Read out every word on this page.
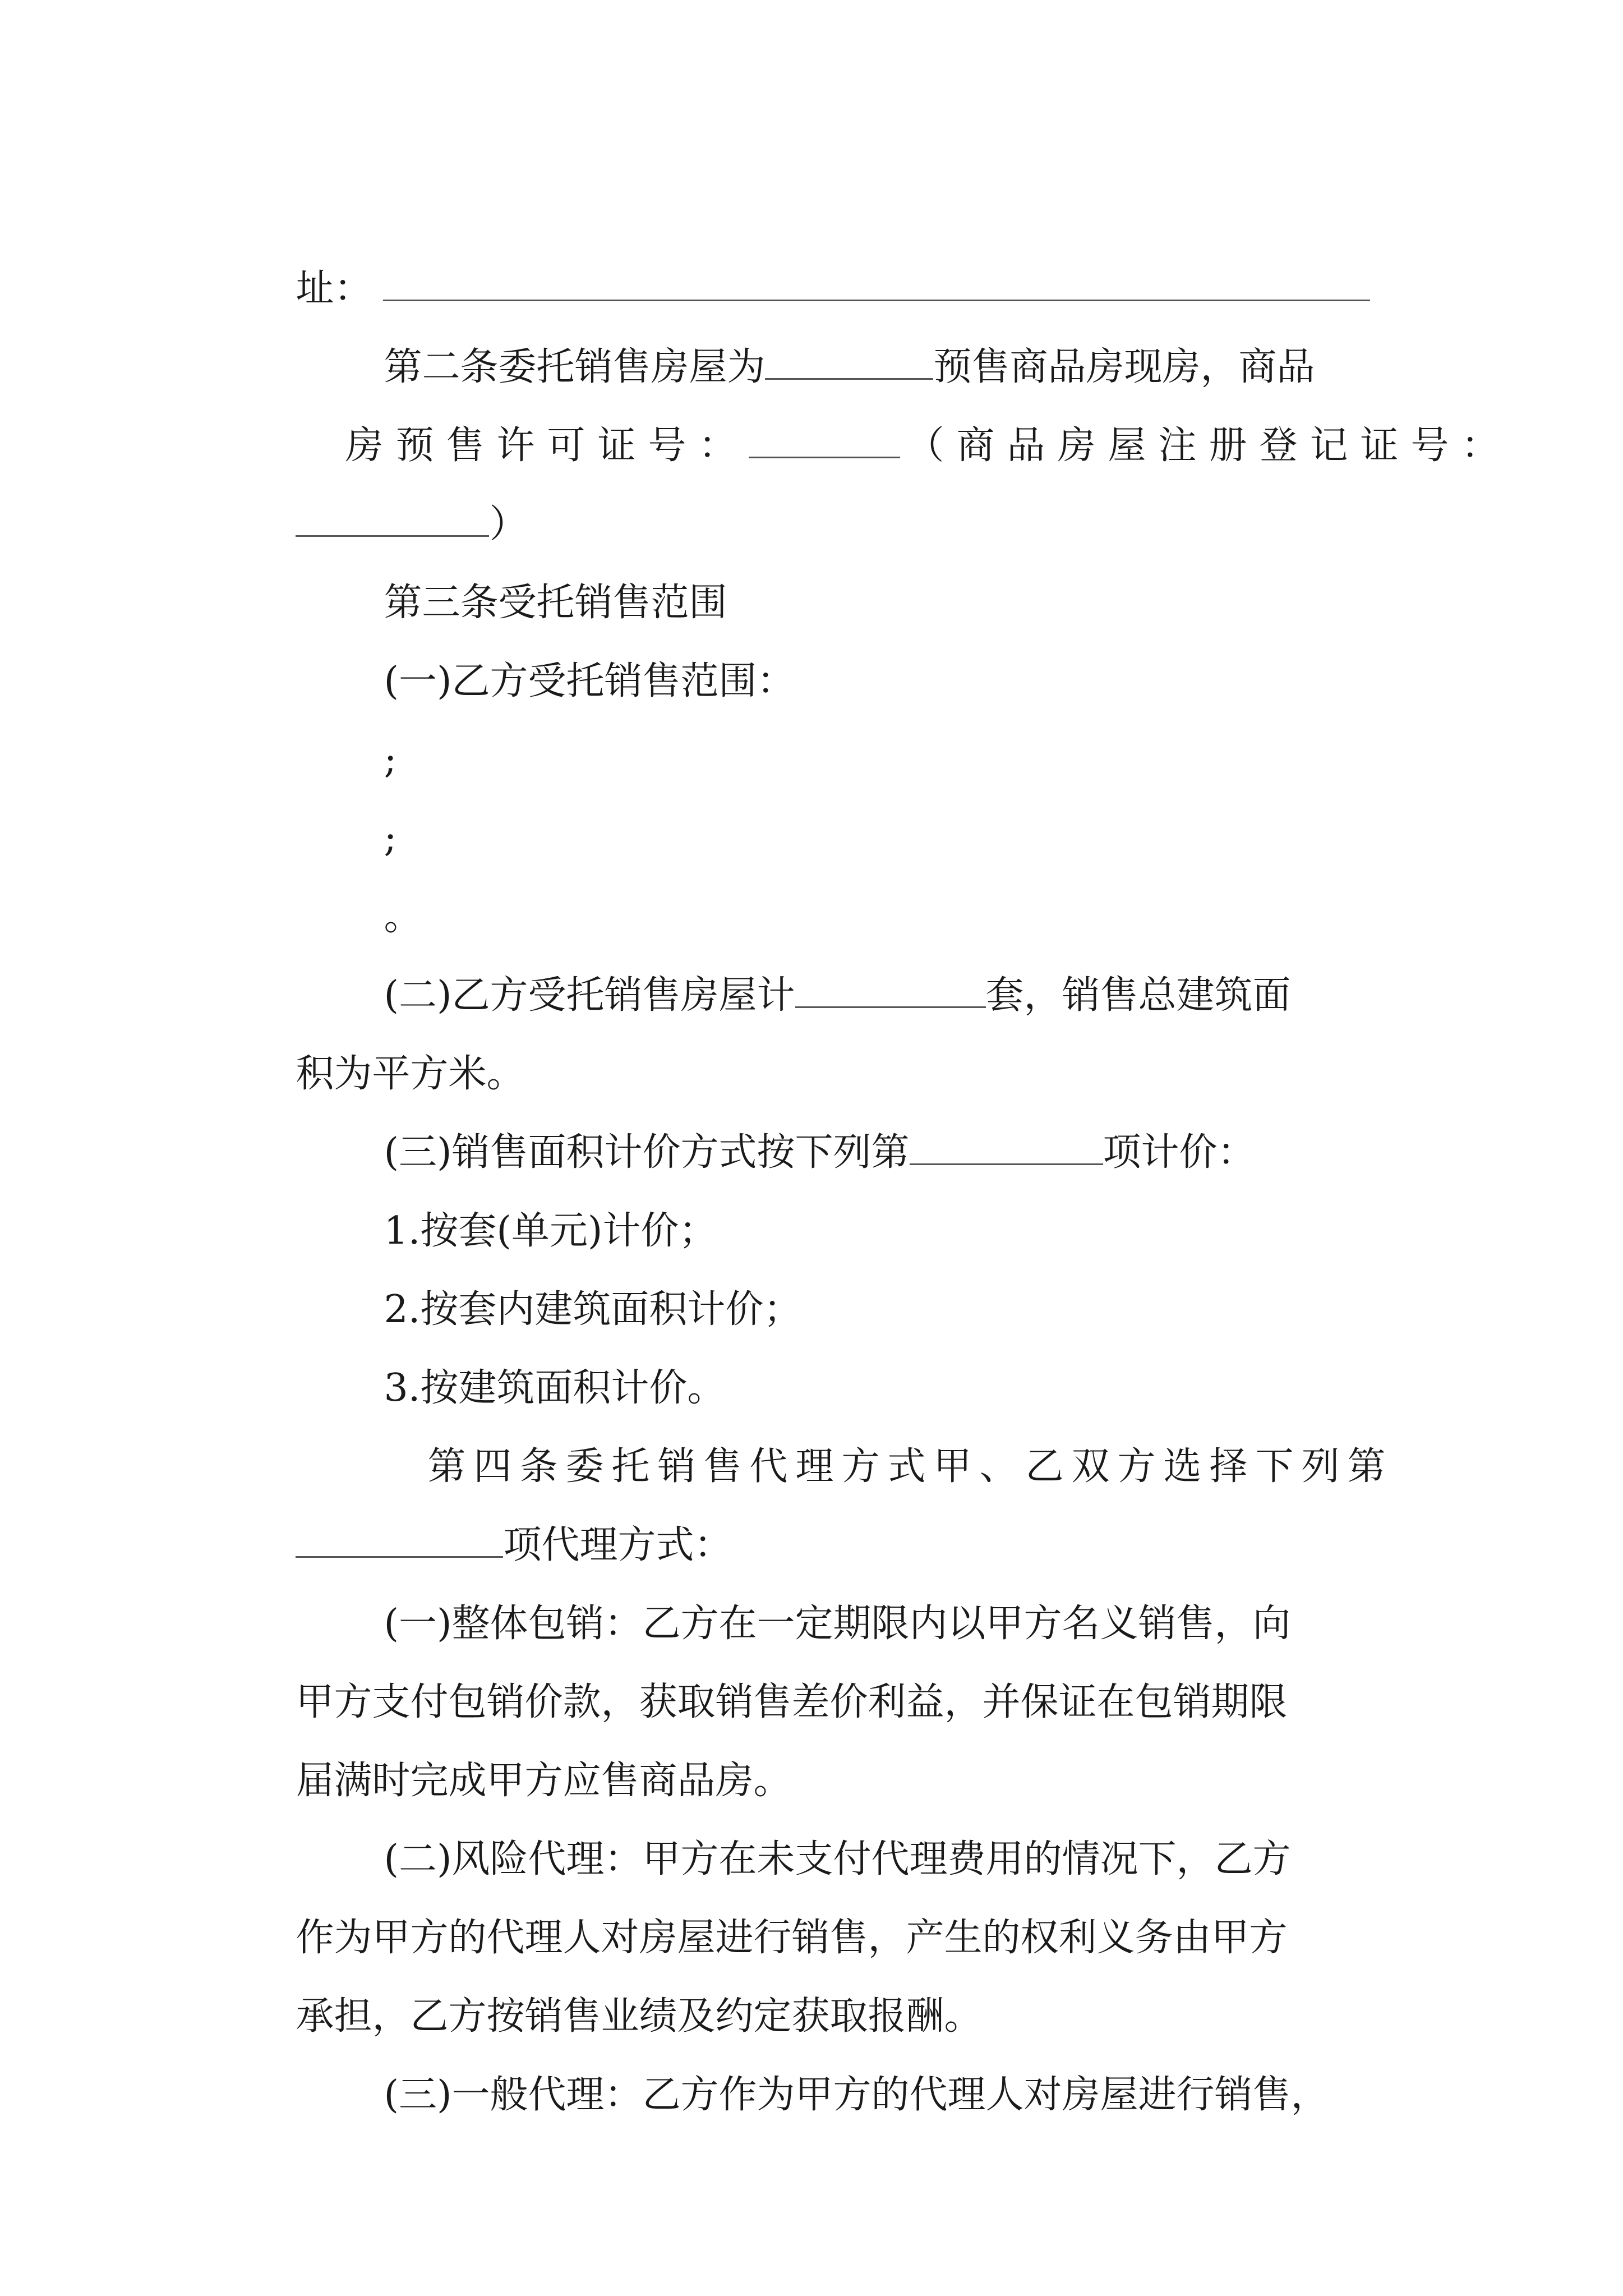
址：

第二条委托销售房屋为	预售商品房现房，商品

房预售许可证号：	（商品房屋注册登记证号：

）

第三条受托销售范围

(一)乙方受托销售范围：

;

;

。

(二)乙方受托销售房屋计	套，销售总建筑面

积为平方米。

(三)销售面积计价方式按下列第	项计价：

1.按套(单元)计价；

2.按套内建筑面积计价；

3.按建筑面积计价。

第四条委托销售代理方式甲、乙双方选择下列第

项代理方式：

(一)整体包销：乙方在一定期限内以甲方名义销售，向

甲方支付包销价款，获取销售差价利益，并保证在包销期限

届满时完成甲方应售商品房。

(二)风险代理：甲方在未支付代理费用的情况下，乙方

作为甲方的代理人对房屋进行销售，产生的权利义务由甲方

承担，乙方按销售业绩及约定获取报酬。

(三)一般代理：乙方作为甲方的代理人对房屋进行销售，
